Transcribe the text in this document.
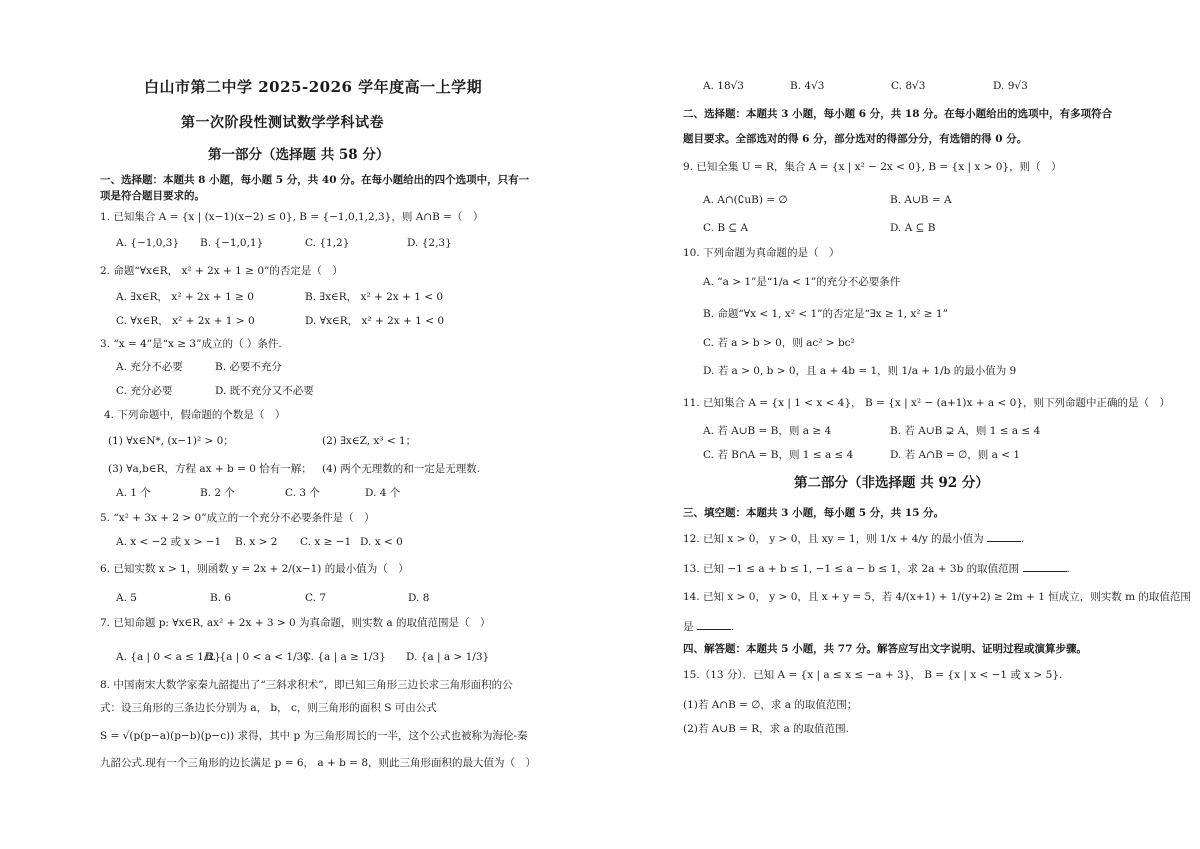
白山市第二中学 2025-2026 学年度高一上学期
第一次阶段性测试数学学科试卷
第一部分（选择题 共 58 分）
一、选择题：本题共 8 小题，每小题 5 分，共 40 分。在每小题给出的四个选项中，只有一
项是符合题目要求的。
1. 已知集合 A = {x | (x−1)(x−2) ≤ 0}, B = {−1,0,1,2,3}，则 A∩B =（　）
A. {−1,0,3} B. {−1,0,1}	C. {1,2}	D. {2,3}
2. 命题“∀x∈R， x² + 2x + 1 ≥ 0”的否定是（　）
A. ∃x∈R， x² + 2x + 1 ≥ 0	B. ∃x∈R， x² + 2x + 1 < 0
C. ∀x∈R， x² + 2x + 1 > 0	D. ∀x∈R， x² + 2x + 1 < 0
3. “x = 4”是“x ≥ 3”成立的（ ）条件.
A. 充分不必要	B. 必要不充分
C. 充分必要	D. 既不充分又不必要
4. 下列命题中，假命题的个数是（　）
(1) ∀x∈N*, (x−1)² > 0；	(2) ∃x∈Z, x³ < 1；
(3) ∀a,b∈R，方程 ax + b = 0 恰有一解； (4) 两个无理数的和一定是无理数.
A. 1 个	B. 2 个	C. 3 个	D. 4 个
5. “x² + 3x + 2 > 0”成立的一个充分不必要条件是（　）
A. x < −2 或 x > −1 B. x > 2 C. x ≥ −1 D. x < 0
6. 已知实数 x > 1，则函数 y = 2x + 2/(x−1) 的最小值为（　）
A. 5	B. 6	C. 7	D. 8
7. 已知命题 p: ∀x∈R, ax² + 2x + 3 > 0 为真命题，则实数 a 的取值范围是（　）
A. {a | 0 < a ≤ 1/2}
B. {a | 0 < a < 1/3}
C. {a | a ≥ 1/3} D. {a | a > 1/3}
8. 中国南宋大数学家秦九韶提出了“三斜求积术”，即已知三角形三边长求三角形面积的公
式：设三角形的三条边长分别为 a， b， c，则三角形的面积 S 可由公式
S = √(p(p−a)(p−b)(p−c)) 求得，其中 p 为三角形周长的一半，这个公式也被称为海伦-秦
九韶公式.现有一个三角形的边长满足 p = 6， a + b = 8，则此三角形面积的最大值为（　）
A. 18√3	B. 4√3	C. 8√3	D. 9√3
二、选择题：本题共 3 小题，每小题 6 分，共 18 分。在每小题给出的选项中，有多项符合
题目要求。全部选对的得 6 分，部分选对的得部分分，有选错的得 0 分。
9. 已知全集 U = R，集合 A = {x | x² − 2x < 0}, B = {x | x > 0}，则（　）
A. A∩(∁uB) = ∅	B. A∪B = A
C. B ⊆ A	D. A ⊆ B
10. 下列命题为真命题的是（　）
A. “a > 1”是“1/a < 1”的充分不必要条件
B. 命题“∀x < 1, x² < 1”的否定是“∃x ≥ 1, x² ≥ 1”
C. 若 a > b > 0，则 ac² > bc²
D. 若 a > 0, b > 0，且 a + 4b = 1，则 1/a + 1/b 的最小值为 9
11. 已知集合 A = {x | 1 < x < 4}， B = {x | x² − (a+1)x + a < 0}，则下列命题中正确的是（　）
A. 若 A∪B = B，则 a ≥ 4	B. 若 A∪B ⊋ A，则 1 ≤ a ≤ 4
C. 若 B∩A = B，则 1 ≤ a ≤ 4	D. 若 A∩B = ∅，则 a < 1
第二部分（非选择题 共 92 分）
三、填空题：本题共 3 小题，每小题 5 分，共 15 分。
12. 已知 x > 0， y > 0，且 xy = 1，则 1/x + 4/y 的最小值为	.
13. 已知 −1 ≤ a + b ≤ 1, −1 ≤ a − b ≤ 1，求 2a + 3b 的取值范围	.
14. 已知 x > 0， y > 0，且 x + y = 5，若 4/(x+1) + 1/(y+2) ≥ 2m + 1 恒成立，则实数 m 的取值范围
是	.
四、解答题：本题共 5 小题，共 77 分。解答应写出文字说明、证明过程或演算步骤。
15.（13 分）．已知 A = {x | a ≤ x ≤ −a + 3}， B = {x | x < −1 或 x > 5}.
(1)若 A∩B = ∅，求 a 的取值范围；
(2)若 A∪B = R，求 a 的取值范围.
